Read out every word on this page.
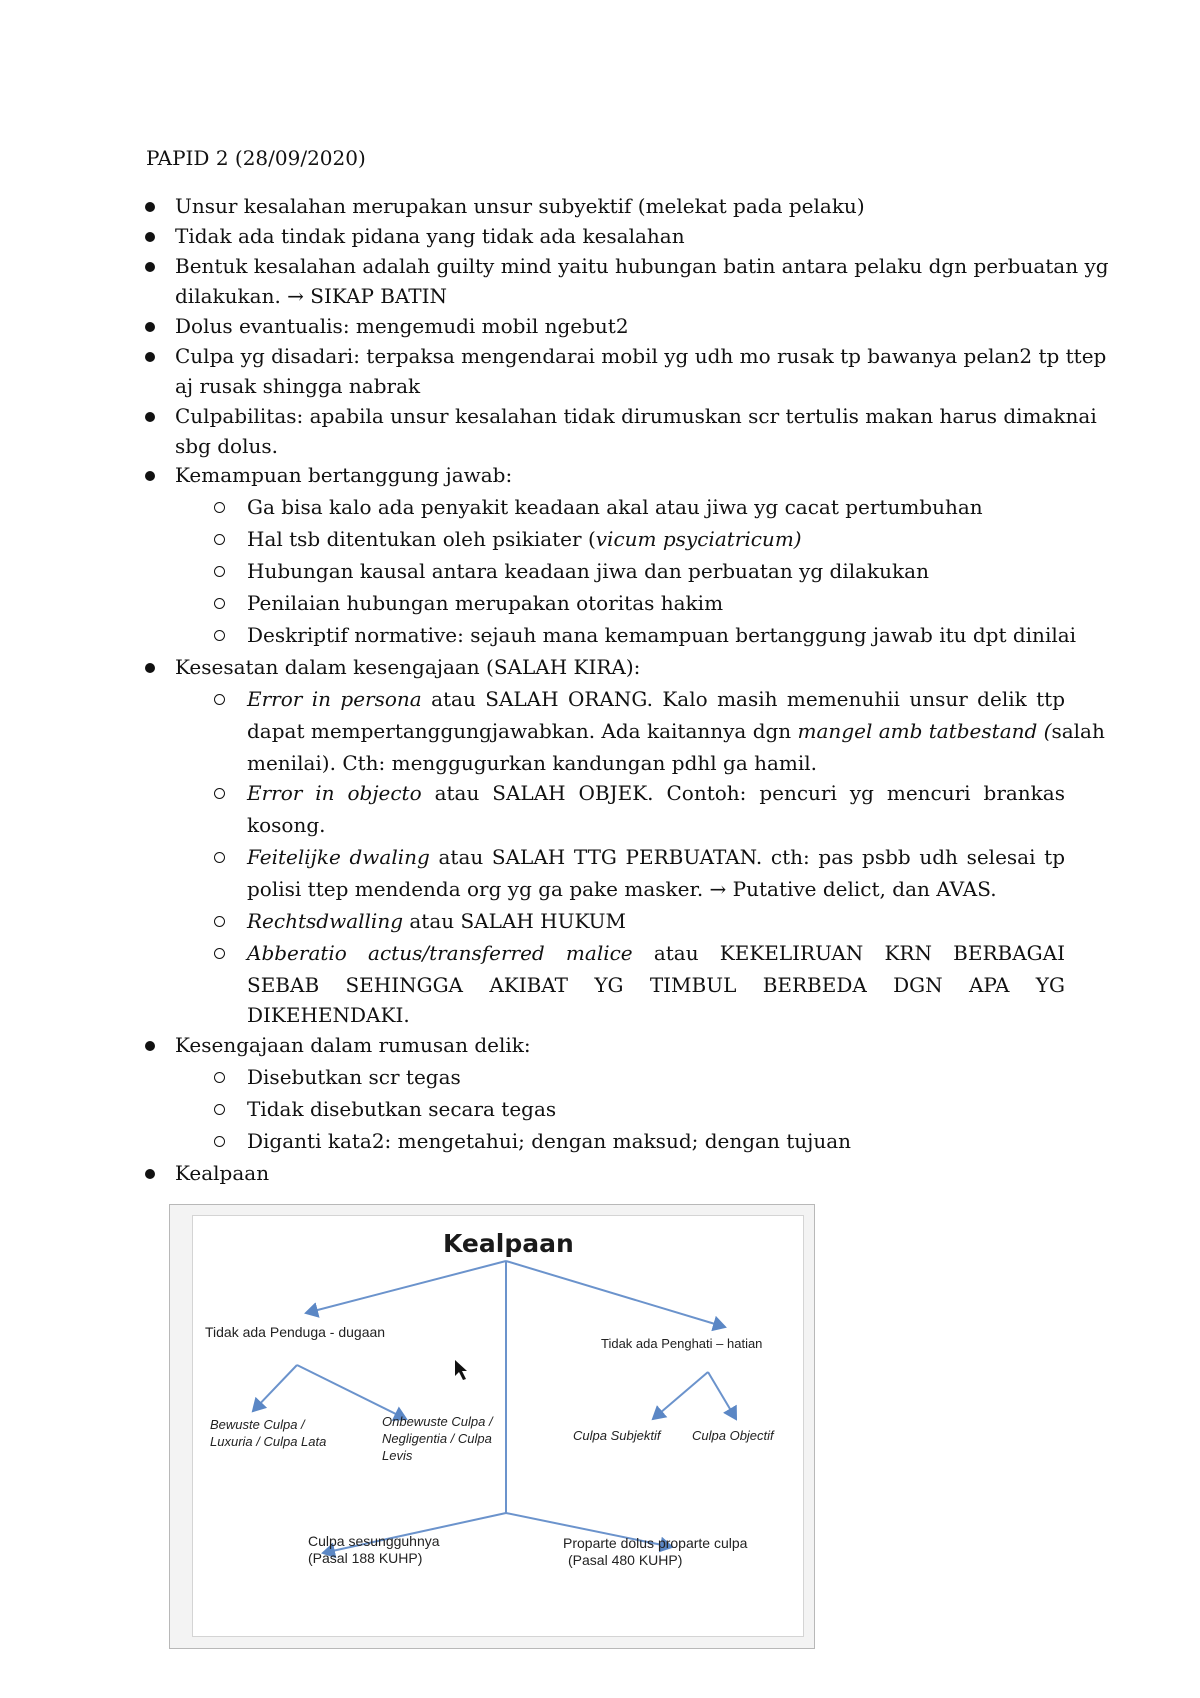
PAPID 2 (28/09/2020)
Unsur kesalahan merupakan unsur subyektif (melekat pada pelaku)
Tidak ada tindak pidana yang tidak ada kesalahan
Bentuk kesalahan adalah guilty mind yaitu hubungan batin antara pelaku dgn perbuatan yg
dilakukan. → SIKAP BATIN
Dolus evantualis: mengemudi mobil ngebut2
Culpa yg disadari: terpaksa mengendarai mobil yg udh mo rusak tp bawanya pelan2 tp ttep
aj rusak shingga nabrak
Culpabilitas: apabila unsur kesalahan tidak dirumuskan scr tertulis makan harus dimaknai
sbg dolus.
Kemampuan bertanggung jawab:
Ga bisa kalo ada penyakit keadaan akal atau jiwa yg cacat pertumbuhan
Hal tsb ditentukan oleh psikiater (vicum psyciatricum)
Hubungan kausal antara keadaan jiwa dan perbuatan yg dilakukan
Penilaian hubungan merupakan otoritas hakim
Deskriptif normative: sejauh mana kemampuan bertanggung jawab itu dpt dinilai
Kesesatan dalam kesengajaan (SALAH KIRA):
Error in persona atau SALAH ORANG. Kalo masih memenuhii unsur delik ttp
dapat mempertanggungjawabkan. Ada kaitannya dgn mangel amb tatbestand (salah
menilai). Cth: menggugurkan kandungan pdhl ga hamil.
Error in objecto atau SALAH OBJEK. Contoh: pencuri yg mencuri brankas
kosong.
Feitelijke dwaling atau SALAH TTG PERBUATAN. cth: pas psbb udh selesai tp
polisi ttep mendenda org yg ga pake masker. → Putative delict, dan AVAS.
Rechtsdwalling atau SALAH HUKUM
Abberatio actus/transferred malice atau KEKELIRUAN KRN BERBAGAI
SEBAB SEHINGGA AKIBAT YG TIMBUL BERBEDA DGN APA YG
DIKEHENDAKI.
Kesengajaan dalam rumusan delik:
Disebutkan scr tegas
Tidak disebutkan secara tegas
Diganti kata2: mengetahui; dengan maksud; dengan tujuan
Kealpaan
Kealpaan
Tidak ada Penduga - dugaan
Tidak ada Penghati – hatian
Bewuste Culpa /
Luxuria / Culpa Lata
Onbewuste Culpa /
Negligentia / Culpa
Levis
Culpa Subjektif Culpa Objectif
Culpa sesungguhnya
(Pasal 188 KUHP)
Proparte dolus proparte culpa
(Pasal 480 KUHP)
